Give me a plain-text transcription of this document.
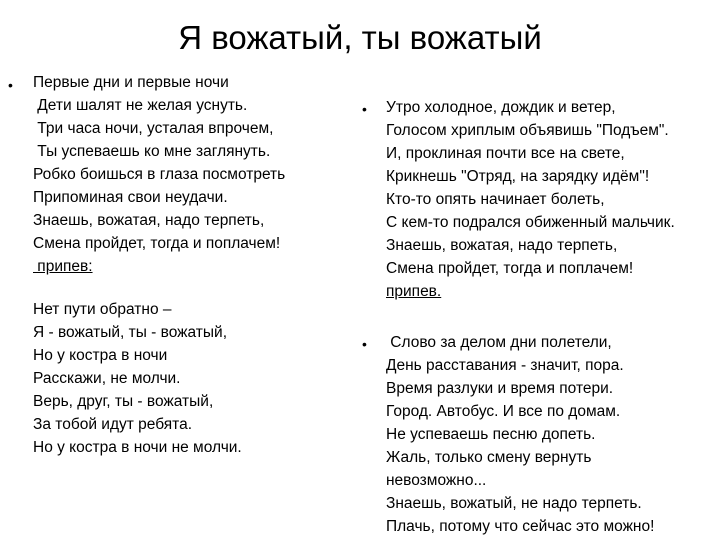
Я вожатый, ты вожатый
• Первые дни и первые ночи
Дети шалят не желая уснуть.
Три часа ночи, усталая впрочем,
Ты успеваешь ко мне заглянуть.
Робко боишься в глаза посмотреть
Припоминая свои неудачи.
Знаешь, вожатая, надо терпеть,
Смена пройдет, тогда и поплачем!
припев:
Нет пути обратно –
Я - вожатый, ты - вожатый,
Но у костра в ночи
Расскажи, не молчи.
Верь, друг, ты - вожатый,
За тобой идут ребята.
Но у костра в ночи не молчи.
• Утро холодное, дождик и ветер,
Голосом хриплым объявишь "Подъем".
И, проклиная почти все на свете,
Крикнешь "Отряд, на зарядку идём"!
Кто-то опять начинает болеть,
С кем-то подрался обиженный мальчик.
Знаешь, вожатая, надо терпеть,
Смена пройдет, тогда и поплачем!
припев.
• Слово за делом дни полетели,
День расставания - значит, пора.
Время разлуки и время потери.
Город. Автобус. И все по домам.
Не успеваешь песню допеть.
Жаль, только смену вернуть
невозможно...
Знаешь, вожатый, не надо терпеть.
Плачь, потому что сейчас это можно!
